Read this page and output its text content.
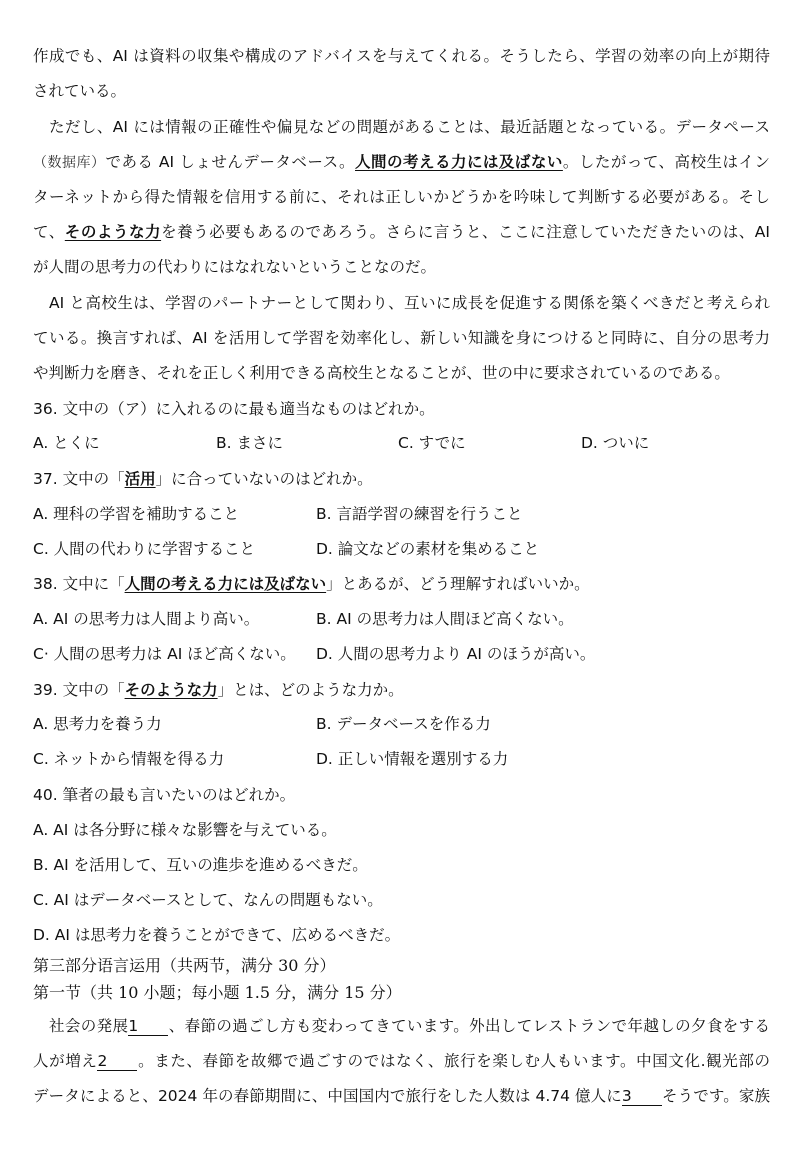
作成でも、AI は資料の収集や構成のアドバイスを与えてくれる。そうしたら、学習の効率の向上が期待
されている。
ただし、AI には情報の正確性や偏見などの問題があることは、最近話題となっている。データペース
（数据库）である AI しょせんデータベース。人間の考える力には及ばない。したがって、高校生はイン
ターネットから得た情報を信用する前に、それは正しいかどうかを吟味して判断する必要がある。そし
て、そのような力を養う必要もあるのであろう。さらに言うと、ここに注意していただきたいのは、AI
が人間の思考力の代わりにはなれないということなのだ。
AI と高校生は、学習のパートナーとして関わり、互いに成長を促進する関係を築くべきだと考えられ
ている。換言すれば、AI を活用して学習を効率化し、新しい知識を身につけると同時に、自分の思考力
や判断力を磨き、それを正しく利用できる高校生となることが、世の中に要求されているのである。
36. 文中の（ア）に入れるのに最も適当なものはどれか。
A. とくに	B. まさに	C. すでに	D. ついに
37. 文中の「活用」に合っていないのはどれか。
A. 理科の学習を補助すること	B. 言語学習の練習を行うこと
C. 人間の代わりに学習すること	D. 論文などの素材を集めること
38. 文中に「人間の考える力には及ばない」とあるが、どう理解すればいいか。
A. AI の思考力は人間より高い。	B. AI の思考力は人間ほど高くない。
C· 人間の思考力は AI ほど高くない。 D. 人間の思考力より AI のほうが高い。
39. 文中の「そのような力」とは、どのような力か。
A. 思考力を養う力	B. データベースを作る力
C. ネットから情報を得る力	D. 正しい情報を選別する力
40. 筆者の最も言いたいのはどれか。
A. AI は各分野に様々な影響を与えている。
B. AI を活用して、互いの進歩を進めるべきだ。
C. AI はデータベースとして、なんの問題もない。
D. AI は思考力を養うことができて、広めるべきだ。
第三部分语言运用（共两节，满分 30 分）
第一节（共 10 小题；每小题 1.5 分，满分 15 分）
社会の発展1 、春節の過ごし方も変わってきています。外出してレストランで年越しの夕食をする
人が増え2 。また、春節を故郷で過ごすのではなく、旅行を楽しむ人もいます。中国文化.観光部の
データによると、2024 年の春節期間に、中国国内で旅行をした人数は 4.74 億人に3 そうです。家族
